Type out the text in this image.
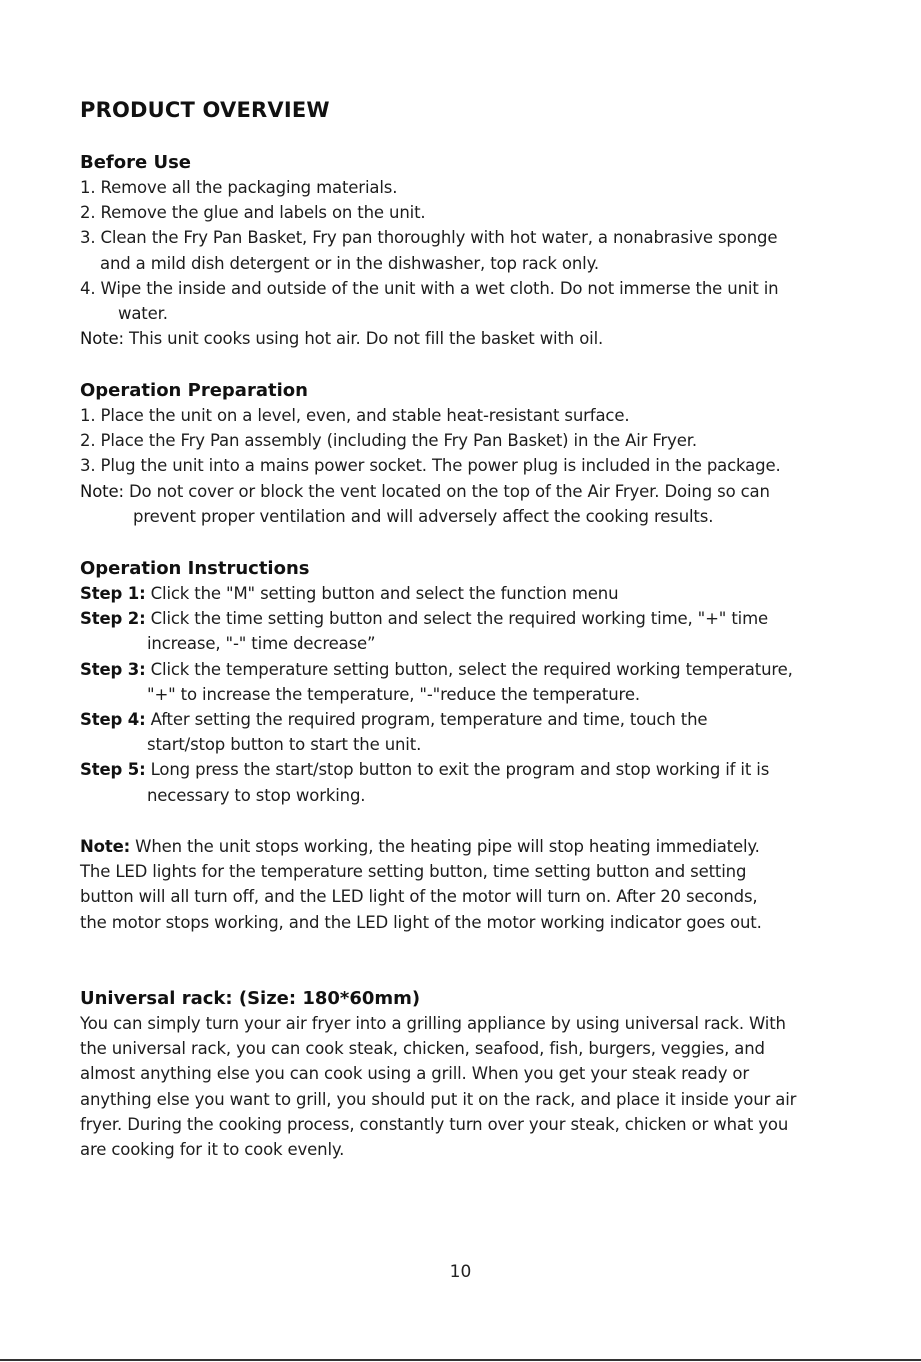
PRODUCT OVERVIEW
Before Use
1. Remove all the packaging materials.
2. Remove the glue and labels on the unit.
3. Clean the Fry Pan Basket, Fry pan thoroughly with hot water, a nonabrasive sponge
and a mild dish detergent or in the dishwasher, top rack only.
4. Wipe the inside and outside of the unit with a wet cloth. Do not immerse the unit in
water.
Note: This unit cooks using hot air. Do not fill the basket with oil.
Operation Preparation
1. Place the unit on a level, even, and stable heat-resistant surface.
2. Place the Fry Pan assembly (including the Fry Pan Basket) in the Air Fryer.
3. Plug the unit into a mains power socket. The power plug is included in the package.
Note: Do not cover or block the vent located on the top of the Air Fryer. Doing so can
prevent proper ventilation and will adversely affect the cooking results.
Operation Instructions
Step 1: Click the "M" setting button and select the function menu
Step 2: Click the time setting button and select the required working time, "+" time
increase, "-" time decrease”
Step 3: Click the temperature setting button, select the required working temperature,
"+" to increase the temperature, "-"reduce the temperature.
Step 4: After setting the required program, temperature and time, touch the
start/stop button to start the unit.
Step 5: Long press the start/stop button to exit the program and stop working if it is
necessary to stop working.
Note: When the unit stops working, the heating pipe will stop heating immediately.
The LED lights for the temperature setting button, time setting button and setting
button will all turn off, and the LED light of the motor will turn on. After 20 seconds,
the motor stops working, and the LED light of the motor working indicator goes out.
Universal rack: (Size: 180*60mm)
You can simply turn your air fryer into a grilling appliance by using universal rack. With
the universal rack, you can cook steak, chicken, seafood, fish, burgers, veggies, and
almost anything else you can cook using a grill. When you get your steak ready or
anything else you want to grill, you should put it on the rack, and place it inside your air
fryer. During the cooking process, constantly turn over your steak, chicken or what you
are cooking for it to cook evenly.
10
